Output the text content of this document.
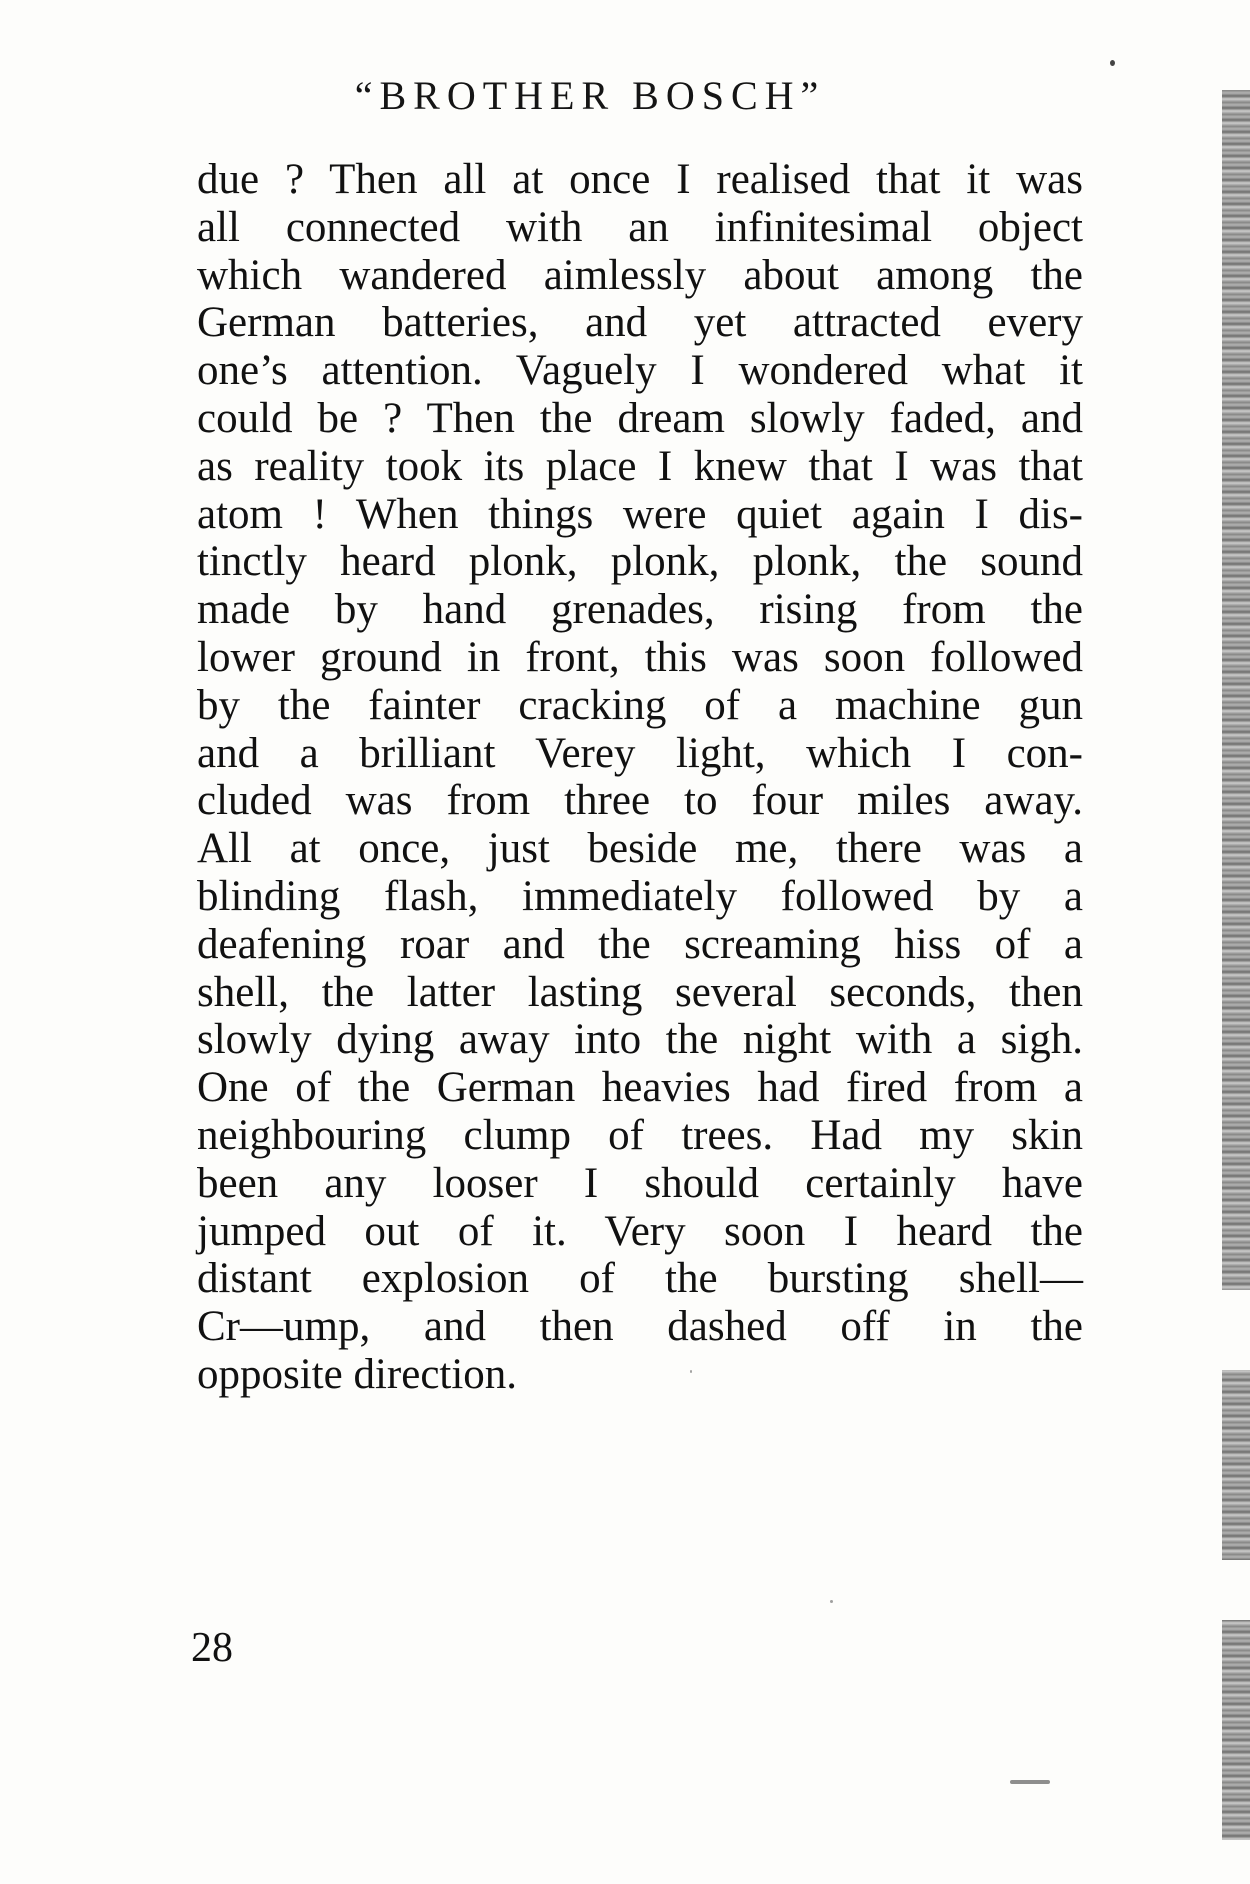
“BROTHER BOSCH”
due ? Then all at once I realised that it was
all connected with an infinitesimal object
which wandered aimlessly about among the
German batteries, and yet attracted every
one’s attention. Vaguely I wondered what it
could be ? Then the dream slowly faded, and
as reality took its place I knew that I was that
atom ! When things were quiet again I dis-
tinctly heard plonk, plonk, plonk, the sound
made by hand grenades, rising from the
lower ground in front, this was soon followed
by the fainter cracking of a machine gun
and a brilliant Verey light, which I con-
cluded was from three to four miles away.
All at once, just beside me, there was a
blinding flash, immediately followed by a
deafening roar and the screaming hiss of a
shell, the latter lasting several seconds, then
slowly dying away into the night with a sigh.
One of the German heavies had fired from a
neighbouring clump of trees. Had my skin
been any looser I should certainly have
jumped out of it. Very soon I heard the
distant explosion of the bursting shell—
Cr—ump, and then dashed off in the
opposite direction.
28
